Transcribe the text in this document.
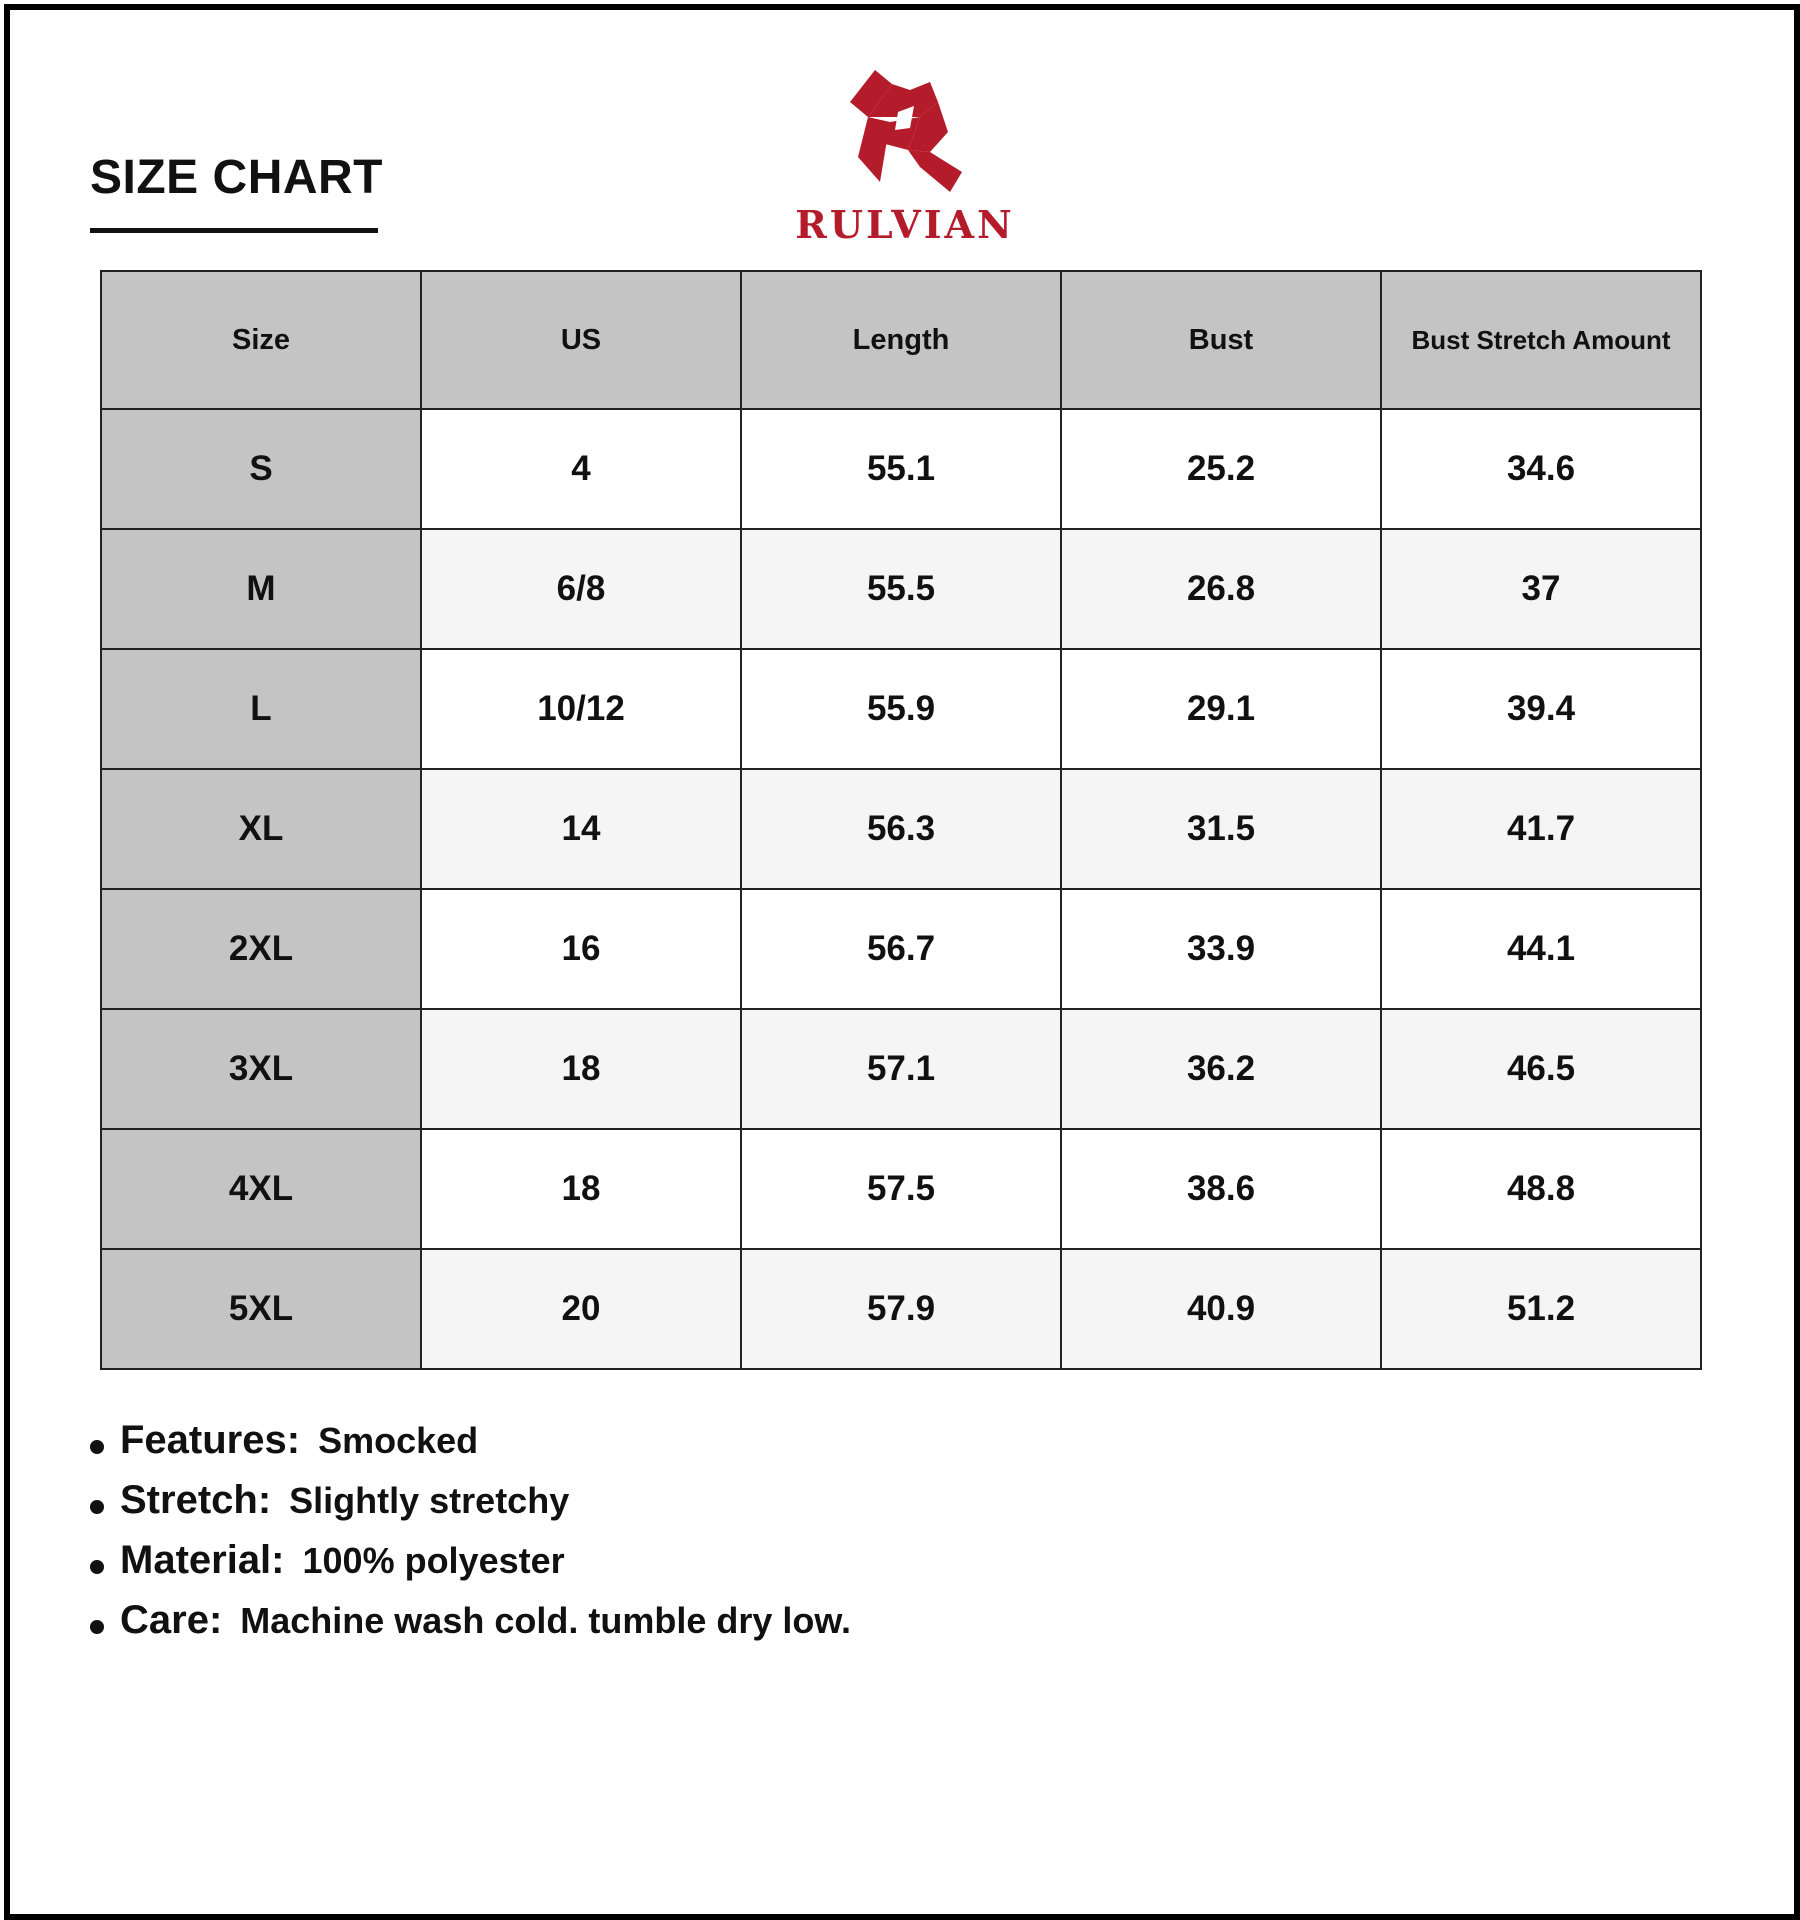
SIZE CHART
RULVIAN
Size	US	Length	Bust	Bust Stretch Amount
S	4	55.1	25.2	34.6
M	6/8	55.5	26.8	37
L	10/12	55.9	29.1	39.4
XL	14	56.3	31.5	41.7
2XL	16	56.7	33.9	44.1
3XL	18	57.1	36.2	46.5
4XL	18	57.5	38.6	48.8
5XL	20	57.9	40.9	51.2
Features: Smocked
Stretch: Slightly stretchy
Material: 100% polyester
Care: Machine wash cold. tumble dry low.
